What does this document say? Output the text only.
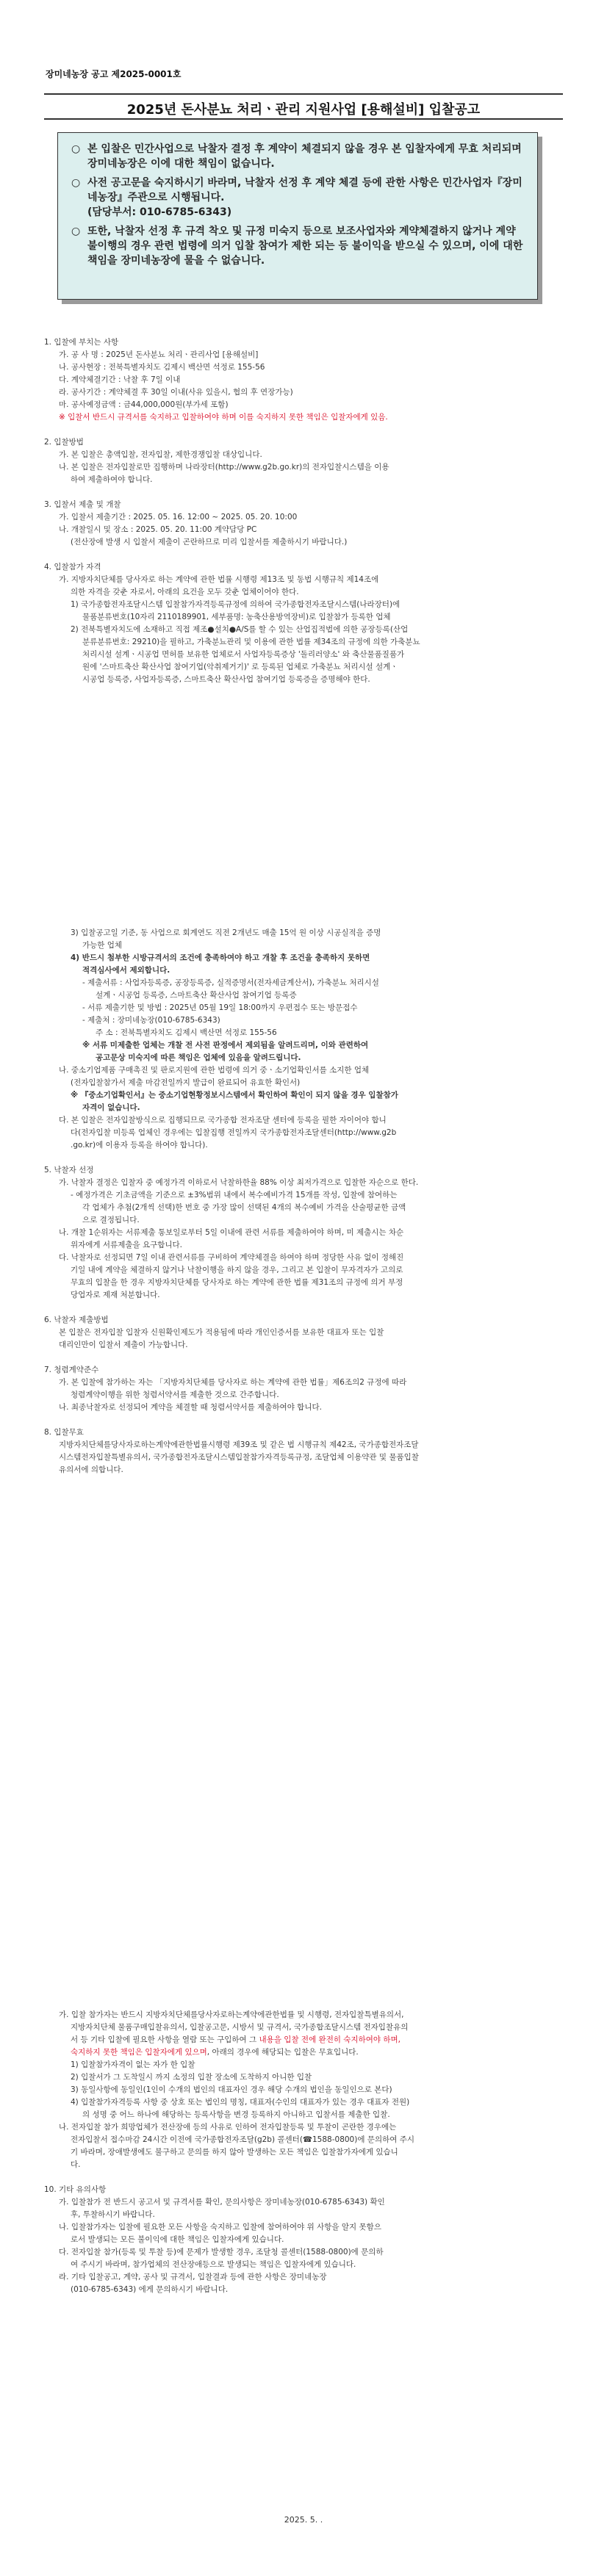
장미네농장 공고 제2025-0001호
2025년 돈사분뇨 처리ㆍ관리 지원사업 [용해설비] 입찰공고
○ 본 입찰은 민간사업으로 낙찰자 결정 후 계약이 체결되지 않을 경우 본 입찰자에게 무효 처리되며 장미네농장은 이에 대한 책임이 없습니다.
○ 사전 공고문을 숙지하시기 바라며, 낙찰자 선정 후 계약 체결 등에 관한 사항은 민간사업자『장미네농장』주관으로 시행됩니다.
(담당부서: 010-6785-6343)
○ 또한, 낙찰자 선정 후 규격 착오 및 규정 미숙지 등으로 보조사업자와 계약체결하지 않거나 계약 불이행의 경우 관련 법령에 의거 입찰 참여가 제한 되는 등 불이익을 받으실 수 있으며, 이에 대한 책임을 장미네농장에 물을 수 없습니다.
1. 입찰에 부치는 사항
가. 공 사 명 : 2025년 돈사분뇨 처리ㆍ관리사업 [용해설비]
나. 공사현장 : 전북특별자치도 김제시 백산면 석정로 155-56
다. 계약체결기간 : 낙찰 후 7일 이내
라. 공사기간 : 계약체결 후 30일 이내(사유 있을시, 협의 후 연장가능)
마. 공사예정금액 : 금44,000,000원(부가세 포함)
※ 입찰서 반드시 규격서를 숙지하고 입찰하여야 하며 이를 숙지하지 못한 책임은 입찰자에게 있음.
2. 입찰방법
가. 본 입찰은 총액입찰, 전자입찰, 제한경쟁입찰 대상입니다.
나. 본 입찰은 전자입찰로만 집행하며 나라장터(http://www.g2b.go.kr)의 전자입찰시스템을 이용
하여 제출하여야 합니다.
3. 입찰서 제출 및 개찰
가. 입찰서 제출기간 : 2025. 05. 16. 12:00 ~ 2025. 05. 20. 10:00
나. 개찰일시 및 장소 : 2025. 05. 20. 11:00 계약담당 PC
(전산장애 발생 시 입찰서 제출이 곤란하므로 미리 입찰서를 제출하시기 바랍니다.)
4. 입찰참가 자격
가. 지방자치단체를 당사자로 하는 계약에 관한 법률 시행령 제13조 및 동법 시행규칙 제14조에
의한 자격을 갖춘 자로서, 아래의 요건을 모두 갖춘 업체이어야 한다.
1) 국가종합전자조달시스템 입찰참가자격등록규정에 의하여 국가종합전자조달시스템(나라장터)에
물품분류번호(10자리 2110189901, 세부품명: 농축산용방역장비)로 입찰참가 등록한 업체
2) 전북특별자치도에 소재하고 직접 제조●설치●A/S를 할 수 있는 산업집적법에 의한 공장등록(산업
분류분류번호: 29210)을 필하고, 가축분뇨관리 및 이용에 관한 법률 제34조의 규정에 의한 가축분뇨
처리시설 설계ㆍ시공업 면허를 보유한 업체로서 사업자등록증상 '돌리러양소' 와 축산물품질품가
원에 '스마트축산 확산사업 참여기업(악취제거기)' 로 등록된 업체로 가축분뇨 처리시설 설계ㆍ
시공업 등록증, 사업자등록증, 스마트축산 확산사업 참여기업 등록증을 증명해야 한다.
3) 입찰공고일 기준, 동 사업으로 회계연도 직전 2개년도 매출 15억 원 이상 시공실적을 증명
가능한 업체
4) 반드시 첨부한 시방규격서의 조건에 충족하여야 하고 개찰 후 조건을 충족하지 못하면
적격심사에서 제외합니다.
- 제출서류 : 사업자등록증, 공장등록증, 실적증명서(전자세금계산서), 가축분뇨 처리시설
설계ㆍ시공업 등록증, 스마트축산 확산사업 참여기업 등록증
- 서류 제출기한 및 방법 : 2025년 05월 19일 18:00까지 우편접수 또는 방문접수
- 제출처 : 장미네농장(010-6785-6343)
주 소 : 전북특별자치도 김제시 백산면 석정로 155-56
※ 서류 미제출한 업체는 개찰 전 사전 판정에서 제외됨을 알려드리며, 이와 관련하여
공고문상 미숙지에 따른 책임은 업체에 있음을 알려드립니다.
나. 중소기업제품 구매촉진 및 판로지원에 관한 법령에 의거 중ㆍ소기업확인서를 소지한 업체
(전자입찰참가서 제출 마감전일까지 발급이 완료되어 유효한 확인서)
※ 『중소기업확인서』는 중소기업현황정보시스템에서 확인하여 확인이 되지 않을 경우 입찰참가
자격이 없습니다.
다. 본 입찰은 전자입찰방식으로 집행되므로 국가종합 전자조달 센터에 등록을 필한 자이어야 합니
다(전자입찰 미등록 업체인 경우에는 입찰집행 전일까지 국가종합전자조달센터(http://www.g2b
.go.kr)에 이용자 등록을 하여야 합니다).
5. 낙찰자 선정
가. 낙찰자 결정은 입찰자 중 예정가격 이하로서 낙찰하한율 88% 이상 최저가격으로 입찰한 자순으로 한다.
- 예정가격은 기초금액을 기준으로 ±3%범위 내에서 복수예비가격 15개를 작성, 입찰에 참여하는
각 업체가 추첨(2개씩 선택)한 번호 중 가장 많이 선택된 4개의 복수예비 가격을 산술평균한 금액
으로 결정됩니다.
나. 개찰 1순위자는 서류제출 통보일로부터 5일 이내에 관련 서류를 제출하여야 하며, 미 제출시는 차순
위자에게 서류제출을 요구합니다.
다. 낙찰자로 선정되면 7일 이내 관련서류를 구비하여 계약체결을 하여야 하며 정당한 사유 없이 정해진
기일 내에 계약을 체결하지 않거나 낙찰이행을 하지 않을 경우, 그리고 본 입찰이 무자격자가 고의로
무효의 입찰을 한 경우 지방자치단체를 당사자로 하는 계약에 관한 법률 제31조의 규정에 의거 부정
당업자로 제재 처분합니다.
6. 낙찰자 제출방법
본 입찰은 전자입찰 입찰자 신원확인제도가 적용됨에 따라 개인인증서를 보유한 대표자 또는 입찰
대리인만이 입찰서 제출이 가능합니다.
7. 청렴계약준수
가. 본 입찰에 참가하는 자는 「지방자치단체를 당사자로 하는 계약에 관한 법률」제6조의2 규정에 따라
청렴계약이행을 위한 청렴서약서를 제출한 것으로 간주합니다.
나. 최종낙찰자로 선정되어 계약을 체결할 때 청렴서약서를 제출하여야 합니다.
8. 입찰무효
지방자치단체를당사자로하는계약에관한법률시행령 제39조 및 같은 법 시행규칙 제42조, 국가종합전자조달
시스템전자입찰특별유의서, 국가종합전자조달시스템입찰참가자격등록규정, 조달업체 이용약관 및 물품입찰
유의서에 의합니다.
가. 입찰 참가자는 반드시 지방자치단체를당사자로하는계약에관한법률 및 시행령, 전자입찰특별유의서,
지방자치단체 물품구매입찰유의서, 입찰공고문, 시방서 및 규격서, 국가종합조달시스템 전자입찰유의
서 등 기타 입찰에 필요한 사항을 열람 또는 구입하여 그 내용을 입찰 전에 완전히 숙지하여야 하며,
숙지하지 못한 책임은 입찰자에게 있으며, 아래의 경우에 해당되는 입찰은 무효입니다.
1) 입찰참가자격이 없는 자가 한 입찰
2) 입찰서가 그 도착일시 까지 소정의 입찰 장소에 도착하지 아니한 입찰
3) 동일사항에 동일인(1인이 수개의 법인의 대표자인 경우 해당 수개의 법인을 동일인으로 본다)
4) 입찰참가자격등록 사항 중 상호 또는 법인의 명칭, 대표자(수인의 대표자가 있는 경우 대표자 전원)
의 성명 중 어느 하나에 해당하는 등록사항을 변경 등록하지 아니하고 입찰서를 제출한 입찰.
나. 전자입찰 참가 희망업체가 전산장애 등의 사유로 인하여 전자입찰등록 및 투찰이 곤란한 경우에는
전자입찰서 접수마감 24시간 이전에 국가종합전자조달(g2b) 콜센터(☎1588-0800)에 문의하여 주시
기 바라며, 장애발생에도 불구하고 문의를 하지 않아 발생하는 모든 책임은 입찰참가자에게 있습니
다.
10. 기타 유의사항
가. 입찰참가 전 반드시 공고서 및 규격서를 확인, 문의사항은 장미네농장(010-6785-6343) 확인
후, 투찰하시기 바랍니다.
나. 입찰참가자는 입찰에 필요한 모든 사항을 숙지하고 입찰에 참여하여야 위 사항을 알지 못함으
로서 발생되는 모든 불이익에 대한 책임은 입찰자에게 있습니다.
다. 전자입찰 참가(등록 및 투찰 등)에 문제가 발생할 경우, 조달청 콜센터(1588-0800)에 문의하
여 주시기 바라며, 참가업체의 전산장애등으로 발생되는 책임은 입찰자에게 있습니다.
라. 기타 입찰공고, 계약, 공사 및 규격서, 입찰결과 등에 관한 사항은 장미네농장
(010-6785-6343) 에게 문의하시기 바랍니다.
2025. 5. .
